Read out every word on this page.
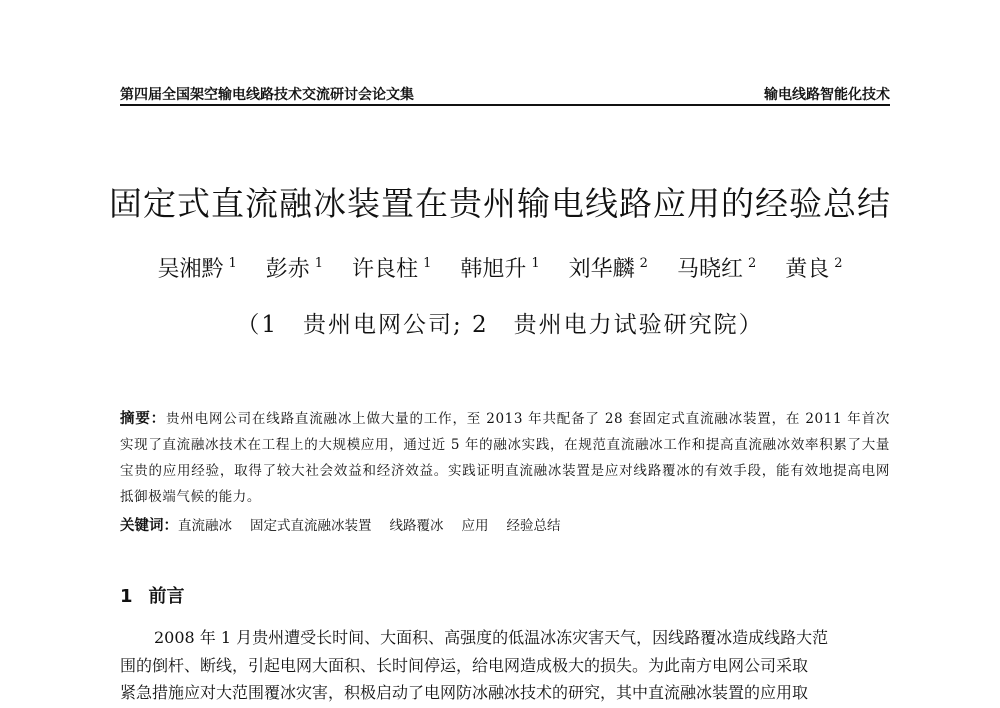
第四届全国架空输电线路技术交流研讨会论文集	输电线路智能化技术
固定式直流融冰装置在贵州输电线路应用的经验总结
吴湘黔 $^1$ 彭赤 $^1$ 许良柱 $^1$ 韩旭升 $^1$ 刘华麟 $^2$ 马晓红 $^2$ 黄良 $^2$
（1　贵州电网公司; 2　贵州电力试验研究院）

摘要：贵州电网公司在线路直流融冰上做大量的工作，至 2013 年共配备了 28 套固定式直流融冰装置，在 2011 年首次实现了直流融冰技术在工程上的大规模应用，通过近 5 年的融冰实践，在规范直流融冰工作和提高直流融冰效率积累了大量宝贵的应用经验，取得了较大社会效益和经济效益。实践证明直流融冰装置是应对线路覆冰的有效手段，能有效地提高电网抵御极端气候的能力。

关键词：直流融冰 固定式直流融冰装置 线路覆冰 应用 经验总结

1 前言

2008 年 1 月贵州遭受长时间、大面积、高强度的低温冰冻灾害天气，因线路覆冰造成线路大范
围的倒杆、断线，引起电网大面积、长时间停运，给电网造成极大的损失。为此南方电网公司采取
紧急措施应对大范围覆冰灾害，积极启动了电网防冰融冰技术的研究，其中直流融冰装置的应用取
